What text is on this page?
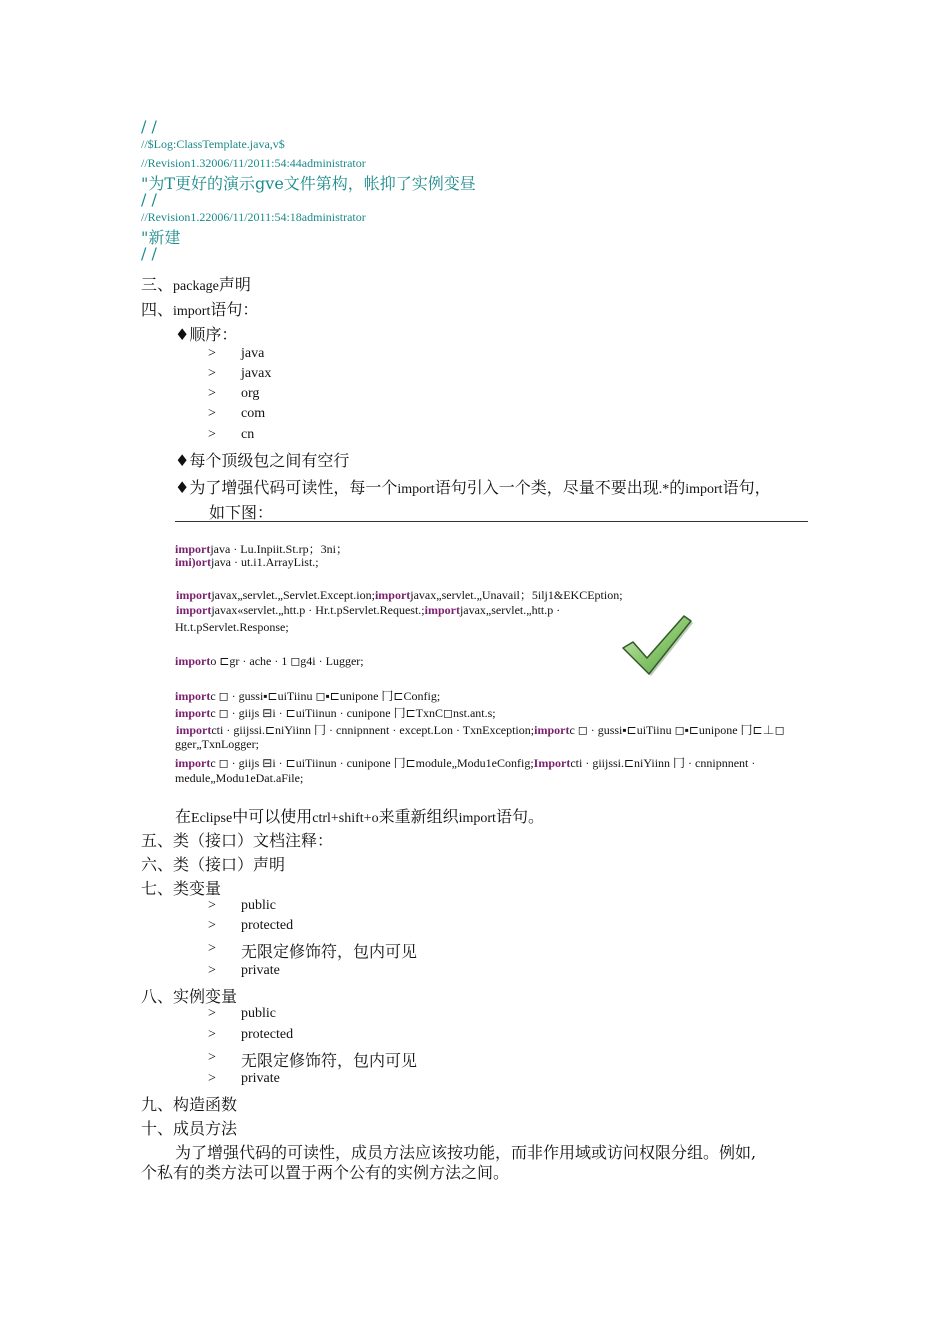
/ /
//$Log:ClassTemplate.java,v$
//Revision1.32006/11/2011:54:44administrator
"为T更好的演示gve文件第构，帐抑了实例变昼
/ /
//Revision1.22006/11/2011:54:18administrator
"新建
/ /
三、package声明
四、import语句：
♦顺序：
> java
> javax
> org
> com
> cn
♦每个顶级包之间有空行
♦为了增强代码可读性，每一个import语句引入一个类，尽量不要出现.*的import语句，
如下图：
importjava · Lu.Inpiit.St.rp；3ni；
imi)ortjava · ut.i1.ArrayList.;
importjavax„servlet.„Servlet.Except.ion;importjavax„servlet.„Unavail；5ilj1&EKCEption;
importjavax«servlet.„htt.p · Hr.t.pServlet.Request.;importjavax„servlet.„htt.p ·
Ht.t.pServlet.Response;
importo ⊏gr · ache · 1 ◻g4i · Lugger;
importc ◻ · gussi▪⊏uiTiinu ◻▪⊏unipone ⼌⊏Config;
importc ◻ · giijs ⊟i · ⊏uiTiinun · cunipone ⼌⊏TxnC◻nst.ant.s;
importcti · giijssi.⊏niYiinn ⼌ · cnnipnnent · except.Lon · TxnException;importc ◻ · gussi▪⊏uiTiinu ◻▪⊏unipone ⼌⊏⊥◻
gger„TxnLogger;
importc ◻ · giijs ⊟i · ⊏uiTiinun · cunipone ⼌⊏module„Modu1eConfig;Importcti · giijssi.⊏niYiinn ⼌ · cnnipnnent ·
medule„Modu1eDat.aFile;
在Eclipse中可以使用ctrl+shift+o来重新组织import语句。
五、类（接口）文档注释：
六、类（接口）声明
七、类变量
> public
> protected
> 无限定修饰符，包内可见
> private
八、实例变量
> public
> protected
> 无限定修饰符，包内可见
> private
九、构造函数
十、成员方法
为了增强代码的可读性，成员方法应该按功能，而非作用域或访问权限分组。例如,
个私有的类方法可以置于两个公有的实例方法之间。
